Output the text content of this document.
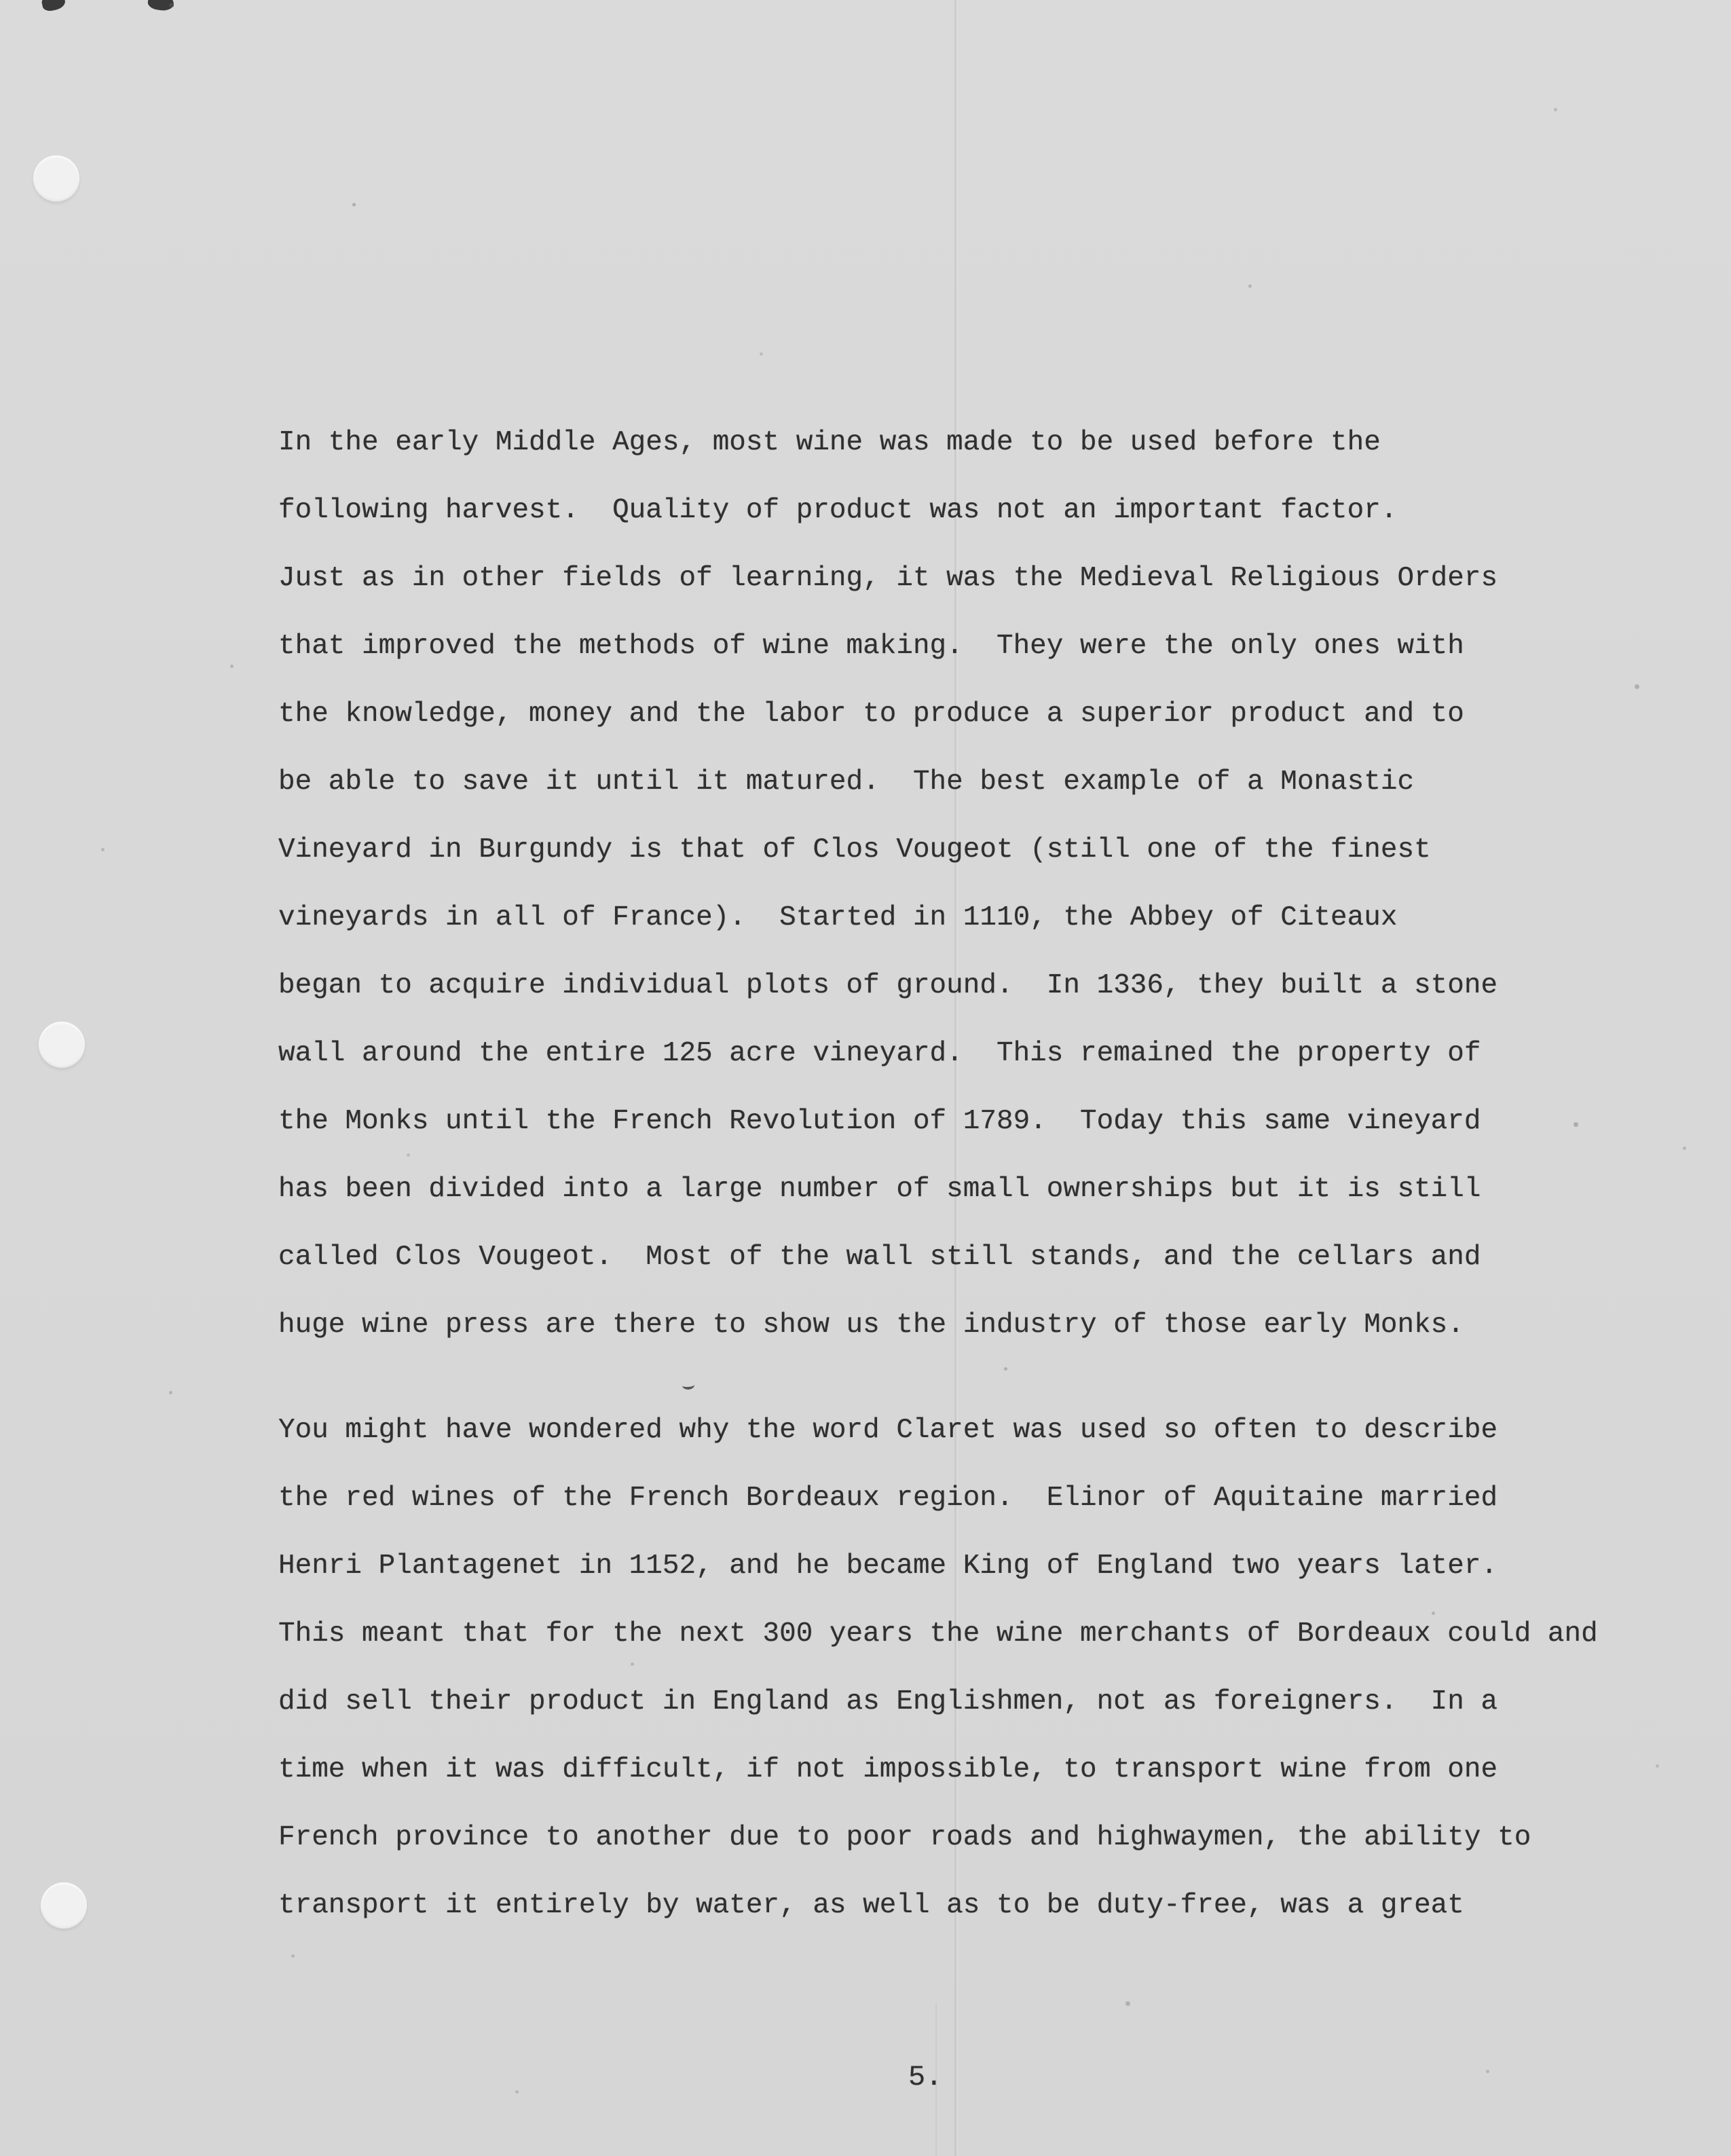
In the early Middle Ages, most wine was made to be used before the
following harvest.  Quality of product was not an important factor.
Just as in other fields of learning, it was the Medieval Religious Orders
that improved the methods of wine making.  They were the only ones with
the knowledge, money and the labor to produce a superior product and to
be able to save it until it matured.  The best example of a Monastic
Vineyard in Burgundy is that of Clos Vougeot (still one of the finest
vineyards in all of France).  Started in 1110, the Abbey of Citeaux
began to acquire individual plots of ground.  In 1336, they built a stone
wall around the entire 125 acre vineyard.  This remained the property of
the Monks until the French Revolution of 1789.  Today this same vineyard
has been divided into a large number of small ownerships but it is still
called Clos Vougeot.  Most of the wall still stands, and the cellars and
huge wine press are there to show us the industry of those early Monks.
You might have wondered why the word Claret was used so often to describe
the red wines of the French Bordeaux region.  Elinor of Aquitaine married
Henri Plantagenet in 1152, and he became King of England two years later.
This meant that for the next 300 years the wine merchants of Bordeaux could and
did sell their product in England as Englishmen, not as foreigners.  In a
time when it was difficult, if not impossible, to transport wine from one
French province to another due to poor roads and highwaymen, the ability to
transport it entirely by water, as well as to be duty-free, was a great
5.
